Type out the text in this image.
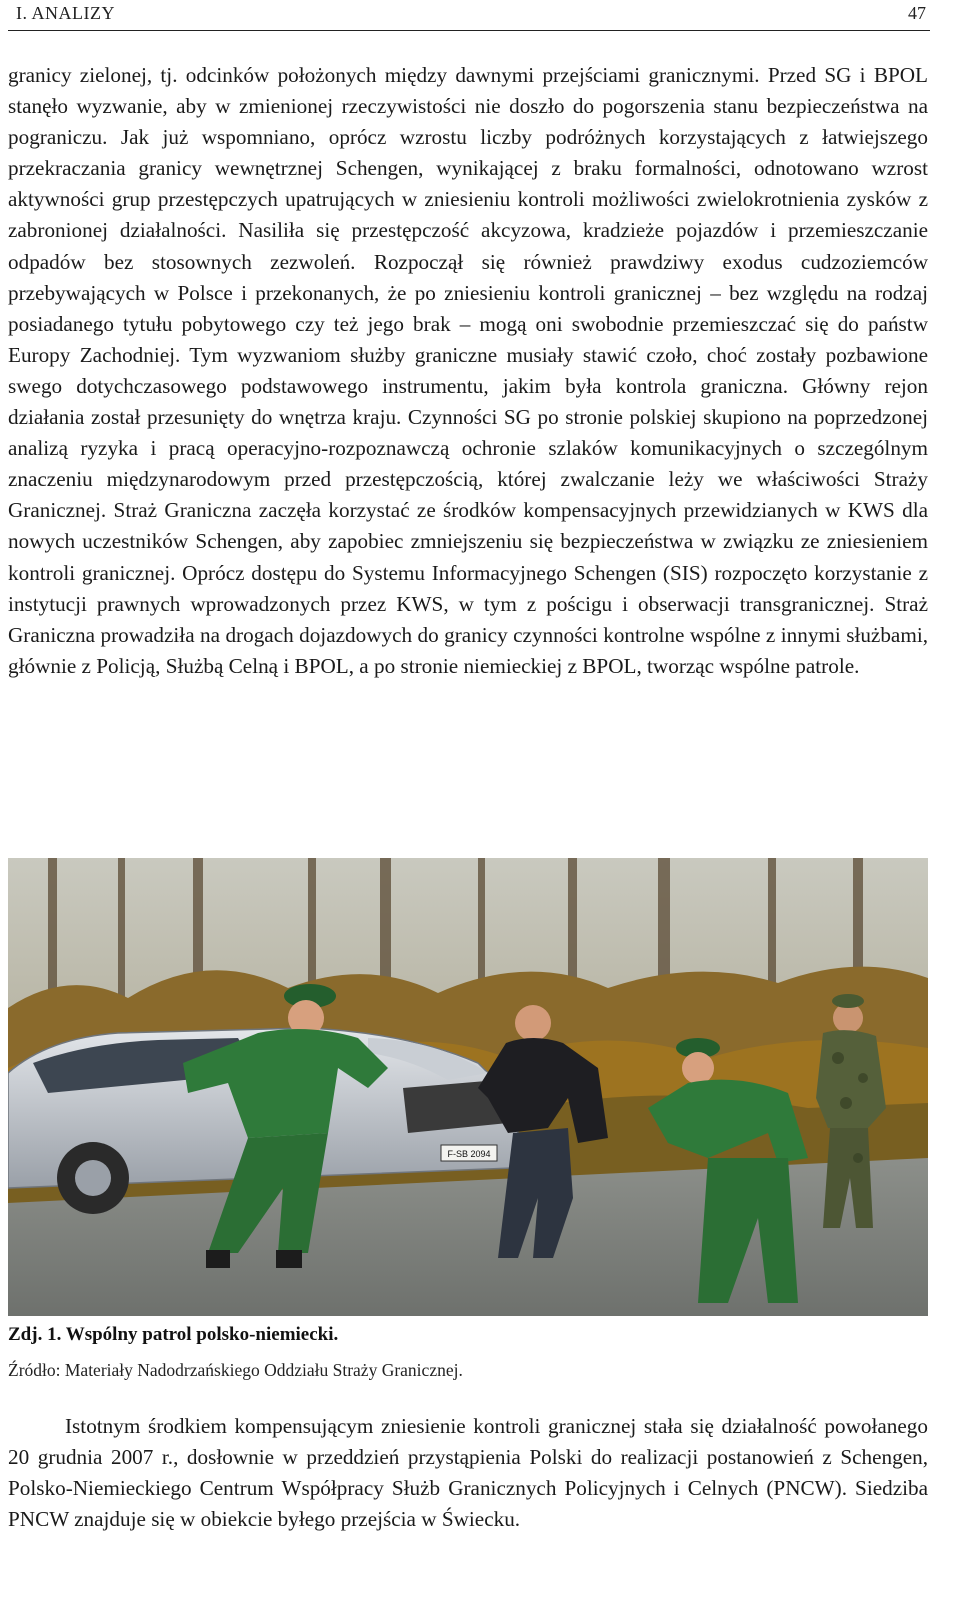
I. ANALIZY	47

granicy zielonej, tj. odcinków położonych między dawnymi przejściami granicznymi. Przed SG i BPOL stanęło wyzwanie, aby w zmienionej rzeczywistości nie doszło do pogorszenia stanu bezpieczeństwa na pograniczu. Jak już wspomniano, oprócz wzrostu liczby podróżnych korzystających z łatwiejszego przekraczania granicy wewnętrznej Schengen, wynikającej z braku formalności, odnotowano wzrost aktywności grup przestępczych upatrujących w zniesieniu kontroli możliwości zwielokrotnienia zysków z zabronionej działalności. Nasiliła się przestępczość akcyzowa, kradzieże pojazdów i przemieszczanie odpadów bez stosownych zezwoleń. Rozpoczął się również prawdziwy exodus cudzoziemców przebywających w Polsce i przekonanych, że po zniesieniu kontroli granicznej – bez względu na rodzaj posiadanego tytułu pobytowego czy też jego brak – mogą oni swobodnie przemieszczać się do państw Europy Zachodniej. Tym wyzwaniom służby graniczne musiały stawić czoło, choć zostały pozbawione swego dotychczasowego podstawowego instrumentu, jakim była kontrola graniczna. Główny rejon działania został przesunięty do wnętrza kraju. Czynności SG po stronie polskiej skupiono na poprzedzonej analizą ryzyka i pracą operacyjno-rozpoznawczą ochronie szlaków komunikacyjnych o szczególnym znaczeniu międzynarodowym przed przestępczością, której zwalczanie leży we właściwości Straży Granicznej. Straż Graniczna zaczęła korzystać ze środków kompensacyjnych przewidzianych w KWS dla nowych uczestników Schengen, aby zapobiec zmniejszeniu się bezpieczeństwa w związku ze zniesieniem kontroli granicznej. Oprócz dostępu do Systemu Informacyjnego Schengen (SIS) rozpoczęto korzystanie z instytucji prawnych wprowadzonych przez KWS, w tym z pościgu i obserwacji transgranicznej. Straż Graniczna prowadziła na drogach dojazdowych do granicy czynności kontrolne wspólne z innymi służbami, głównie z Policją, Służbą Celną i BPOL, a po stronie niemieckiej z BPOL, tworząc wspólne patrole.

F-SB 2094
Zdj. 1. Wspólny patrol polsko-niemiecki.
Źródło: Materiały Nadodrzańskiego Oddziału Straży Granicznej.

Istotnym środkiem kompensującym zniesienie kontroli granicznej stała się działalność powołanego 20 grudnia 2007 r., dosłownie w przeddzień przystąpienia Polski do realizacji postanowień z Schengen, Polsko-Niemieckiego Centrum Współpracy Służb Granicznych Policyjnych i Celnych (PNCW). Siedziba PNCW znajduje się w obiekcie byłego przejścia w Świecku.
